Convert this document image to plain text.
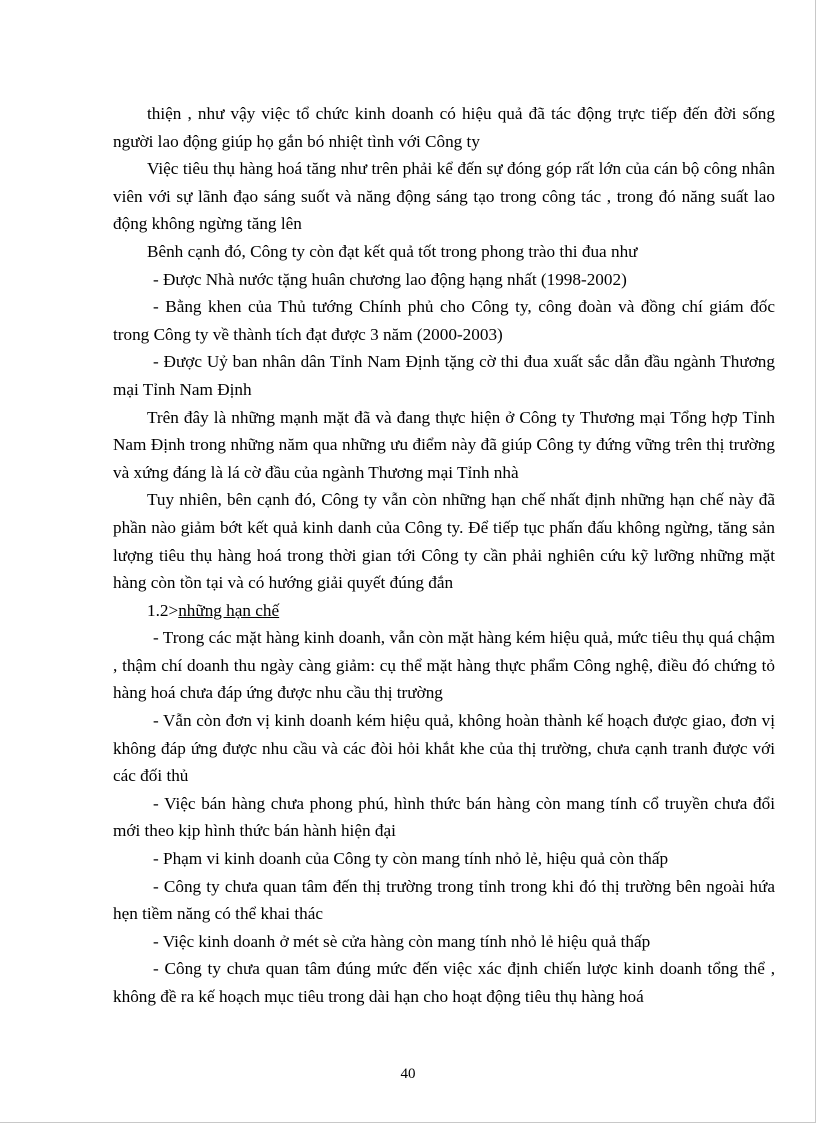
thiện , như vậy việc tổ chức kinh doanh có hiệu quả đã tác động trực tiếp đến đời sống người lao động giúp họ gắn bó nhiệt tình với Công ty

Việc tiêu thụ hàng hoá tăng như trên phải kể đến sự đóng góp rất lớn của cán bộ công nhân viên với sự lãnh đạo sáng suốt và năng động sáng tạo trong công tác , trong đó năng suất lao động không ngừng tăng lên

Bênh cạnh đó, Công ty còn đạt kết quả tốt trong phong trào thi đua như

- Được Nhà nước tặng huân chương lao động hạng nhất (1998-2002)

- Bằng khen của Thủ tướng Chính phủ cho Công ty, công đoàn và đồng chí giám đốc trong Công ty về thành tích đạt được 3 năm (2000-2003)

- Được Uỷ ban nhân dân Tỉnh Nam Định tặng cờ thi đua xuất sắc dẫn đầu ngành Thương mại Tỉnh Nam Định

Trên đây là những mạnh mặt đã và đang thực hiện ở Công ty Thương mại Tổng hợp Tỉnh Nam Định trong những năm qua những ưu điểm này đã giúp Công ty đứng vững trên thị trường và xứng đáng là lá cờ đầu của ngành Thương mại Tỉnh nhà

Tuy nhiên, bên cạnh đó, Công ty vẫn còn những hạn chế nhất định những hạn chế này đã phần nào giảm bớt kết quả kinh danh của Công ty. Để tiếp tục phấn đấu không ngừng, tăng sản lượng tiêu thụ hàng hoá trong thời gian tới Công ty cần phải nghiên cứu kỹ lưỡng những mặt hàng còn tồn tại và có hướng giải quyết đúng đắn

1.2>những hạn chế

- Trong các mặt hàng kinh doanh, vẫn còn mặt hàng kém hiệu quả, mức tiêu thụ quá chậm , thậm chí doanh thu ngày càng giảm: cụ thể mặt hàng thực phẩm Công nghệ, điều đó chứng tỏ hàng hoá chưa đáp ứng được nhu cầu thị trường

- Vẫn còn đơn vị kinh doanh kém hiệu quả, không hoàn thành kế hoạch được giao, đơn vị không đáp ứng được nhu cầu và các đòi hỏi khắt khe của thị trường, chưa cạnh tranh được với các đối thủ

- Việc bán hàng chưa phong phú, hình thức bán hàng còn mang tính cổ truyền chưa đổi mới theo kịp hình thức bán hành hiện đại

- Phạm vi kinh doanh của Công ty còn mang tính nhỏ lẻ, hiệu quả còn thấp

- Công ty chưa quan tâm đến thị trường trong tỉnh trong khi đó thị trường bên ngoài hứa hẹn tiềm năng có thể khai thác

- Việc kinh doanh ở mét sè cửa hàng còn mang tính nhỏ lẻ hiệu quả thấp

- Công ty chưa quan tâm đúng mức đến việc xác định chiến lược kinh doanh tổng thể , không đề ra kế hoạch mục tiêu trong dài hạn cho hoạt động tiêu thụ hàng hoá

40
